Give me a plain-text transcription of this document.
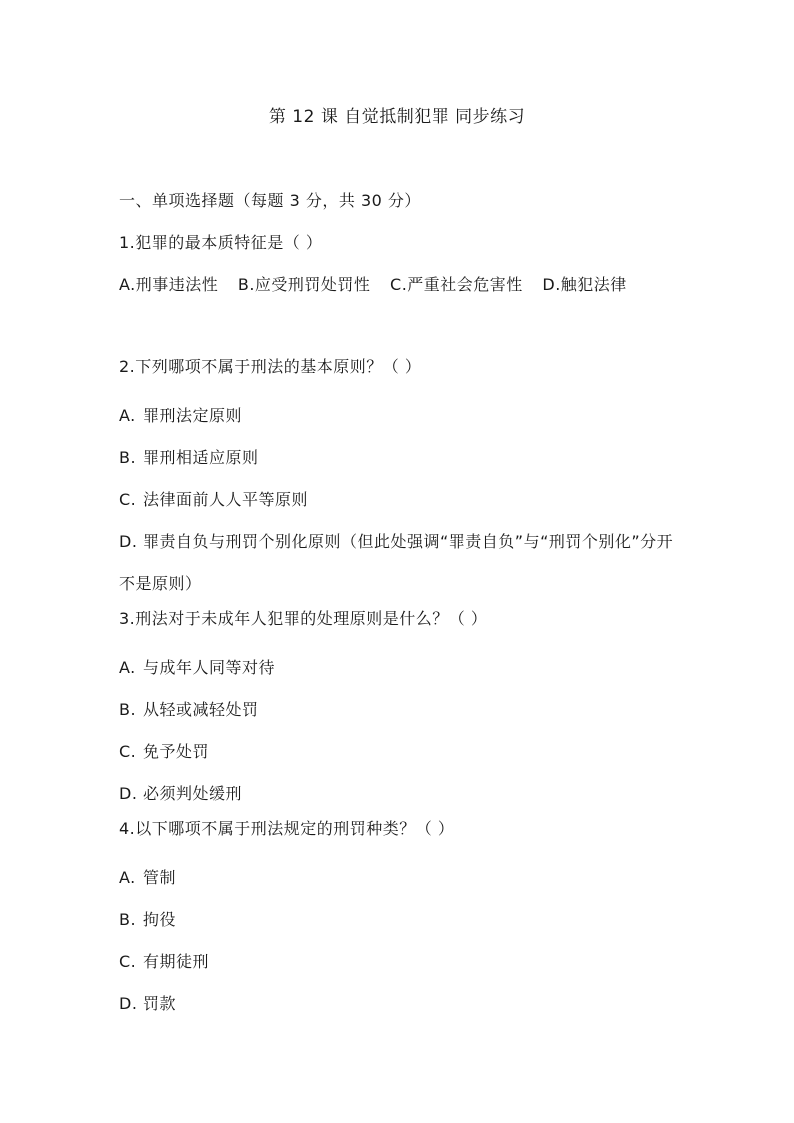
第 12 课 自觉抵制犯罪 同步练习
一、单项选择题（每题 3 分，共 30 分）
1.犯罪的最本质特征是（ ）
A.刑事违法性 B.应受刑罚处罚性 C.严重社会危害性 D.触犯法律
2.下列哪项不属于刑法的基本原则？（ ）
A. 罪刑法定原则
B. 罪刑相适应原则
C. 法律面前人人平等原则
D. 罪责自负与刑罚个别化原则（但此处强调“罪责自负”与“刑罚个别化”分开不是原则）
3.刑法对于未成年人犯罪的处理原则是什么？（ ）
A. 与成年人同等对待
B. 从轻或减轻处罚
C. 免予处罚
D. 必须判处缓刑
4.以下哪项不属于刑法规定的刑罚种类？（ ）
A. 管制
B. 拘役
C. 有期徒刑
D. 罚款
